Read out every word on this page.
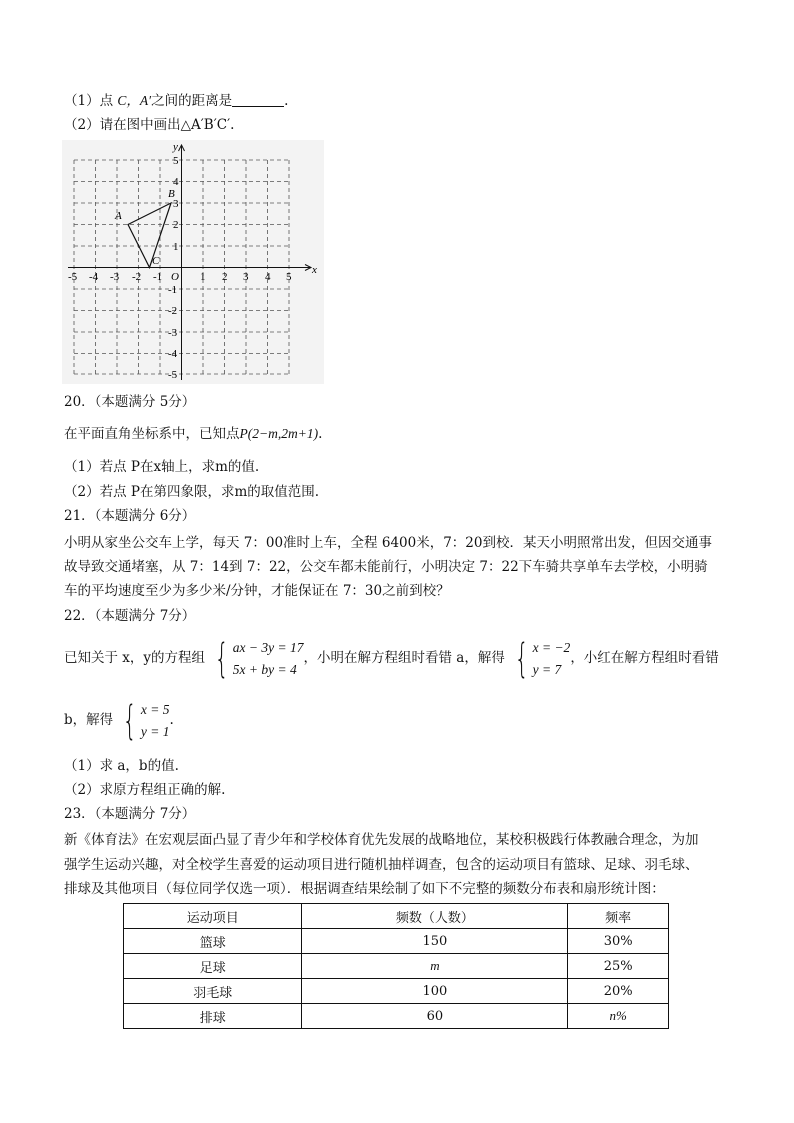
（1）点 C，A′之间的距离是	.
（2）请在图中画出△A′B′C′.
x
y
O
-5 -4 -3 -2 -1	1 2 3 4 5
5
4
3
2
1
-1
-2
-3
-4
-5
A
B
C
20．（本题满分 5分）
在平面直角坐标系中，已知点P(2−m,2m+1).
（1）若点 P在x轴上，求m的值.
（2）若点 P在第四象限，求m的取值范围.
21．（本题满分 6分）
小明从家坐公交车上学，每天 7：00准时上车，全程 6400米，7：20到校．某天小明照常出发，但因交通事
故导致交通堵塞，从 7：14到 7：22，公交车都未能前行，小明决定 7：22下车骑共享单车去学校，小明骑
车的平均速度至少为多少米/分钟，才能保证在 7：30之前到校？
22．（本题满分 7分）
已知关于 x，y的方程组 { ax − 3y = 17
5x + by = 4
，小明在解方程组时看错 a，解得 { x = −2
y = 7
，小红在解方程组时看错
b，解得 { x = 5
y = 1
.
（1）求 a，b的值.
（2）求原方程组正确的解.
23．（本题满分 7分）
新《体育法》在宏观层面凸显了青少年和学校体育优先发展的战略地位，某校积极践行体教融合理念，为加
强学生运动兴趣，对全校学生喜爱的运动项目进行随机抽样调查，包含的运动项目有篮球、足球、羽毛球、
排球及其他项目（每位同学仅选一项）．根据调查结果绘制了如下不完整的频数分布表和扇形统计图：
运动项目	频数（人数）	频率
篮球	150	30%
足球	m	25%
羽毛球	100	20%
排球	60	n%
